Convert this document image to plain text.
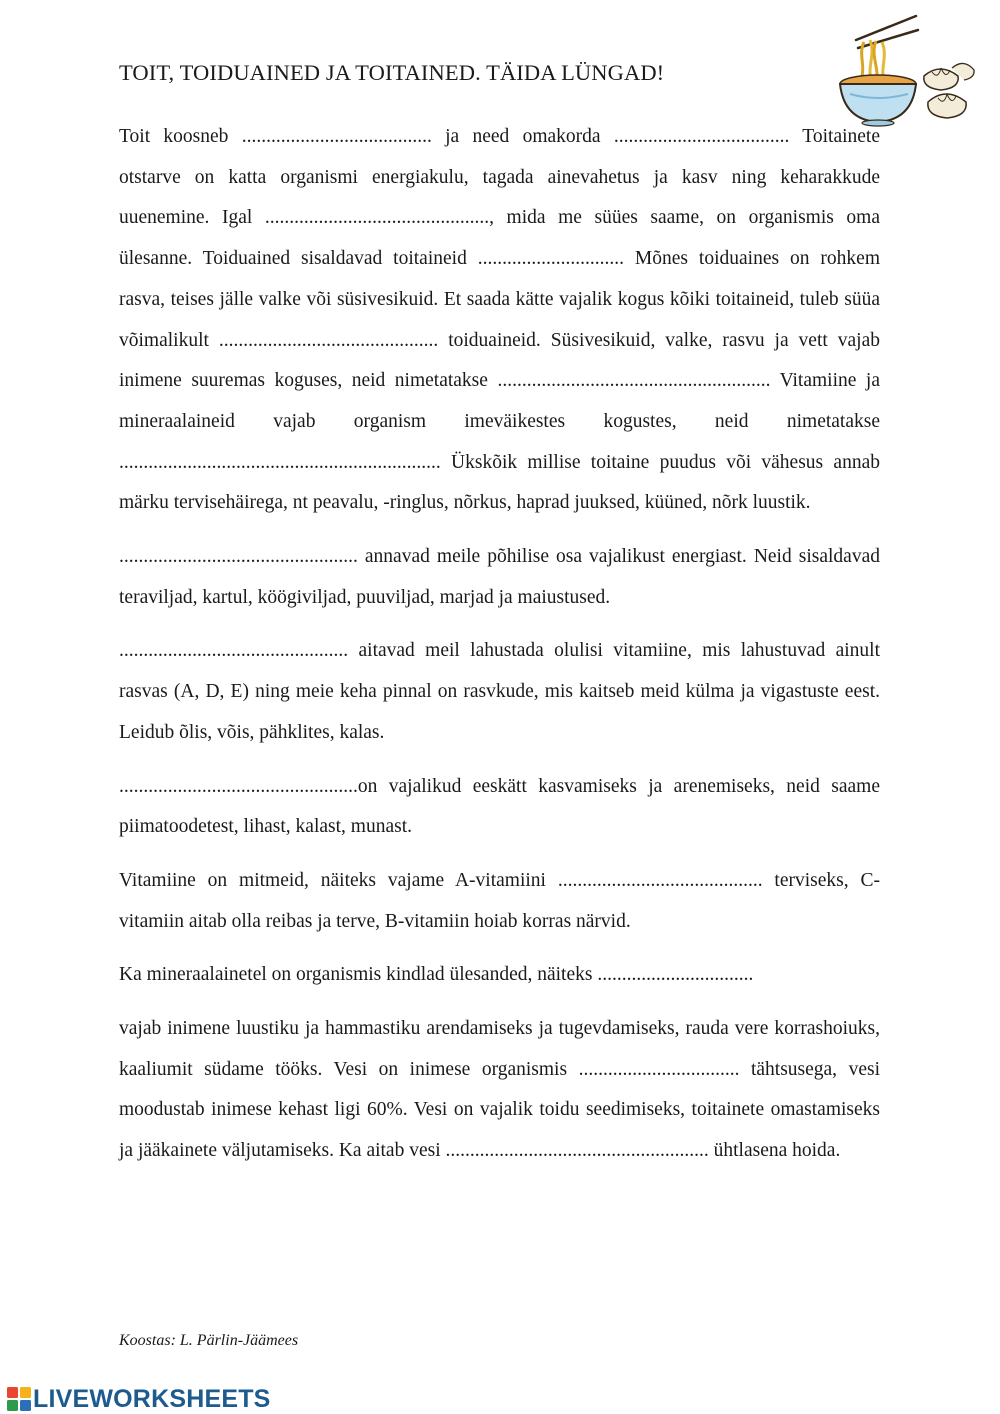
TOIT, TOIDUAINED JA TOITAINED. TÄIDA LÜNGAD!

Toit koosneb ....................................... ja need omakorda .................................... Toitainete otstarve on katta organismi energiakulu, tagada ainevahetus ja kasv ning keharakkude uuenemine. Igal .............................................., mida me süües saame, on organismis oma ülesanne. Toiduained sisaldavad toitaineid .............................. Mõnes toiduaines on rohkem rasva, teises jälle valke või süsivesikuid. Et saada kätte vajalik kogus kõiki toitaineid, tuleb süüa võimalikult ............................................. toiduaineid. Süsivesikuid, valke, rasvu ja vett vajab inimene suuremas koguses, neid nimetatakse ........................................................ Vitamiine ja mineraalaineid vajab organism imeväikestes kogustes, neid nimetatakse .................................................................. Ükskõik millise toitaine puudus või vähesus annab märku tervisehäirega, nt peavalu, -ringlus, nõrkus, haprad juuksed, küüned, nõrk luustik.

................................................. annavad meile põhilise osa vajalikust energiast. Neid sisaldavad teraviljad, kartul, köögiviljad, puuviljad, marjad ja maiustused.

............................................... aitavad meil lahustada olulisi vitamiine, mis lahustuvad ainult rasvas (A, D, E) ning meie keha pinnal on rasvkude, mis kaitseb meid külma ja vigastuste eest. Leidub õlis, võis, pähklites, kalas.

.................................................on vajalikud eeskätt kasvamiseks ja arenemiseks, neid saame piimatoodetest, lihast, kalast, munast.

Vitamiine on mitmeid, näiteks vajame A-vitamiini .......................................... terviseks, C-vitamiin aitab olla reibas ja terve, B-vitamiin hoiab korras närvid.

Ka mineraalainetel on organismis kindlad ülesanded, näiteks ................................

vajab inimene luustiku ja hammastiku arendamiseks ja tugevdamiseks, rauda vere korrashoiuks, kaaliumit südame tööks. Vesi on inimese organismis ................................. tähtsusega, vesi moodustab inimese kehast ligi 60%. Vesi on vajalik toidu seedimiseks, toitainete omastamiseks ja jääkainete väljutamiseks. Ka aitab vesi ...................................................... ühtlasena hoida.

Koostas: L. Pärlin-Jäämees

LIVEWORKSHEETS
